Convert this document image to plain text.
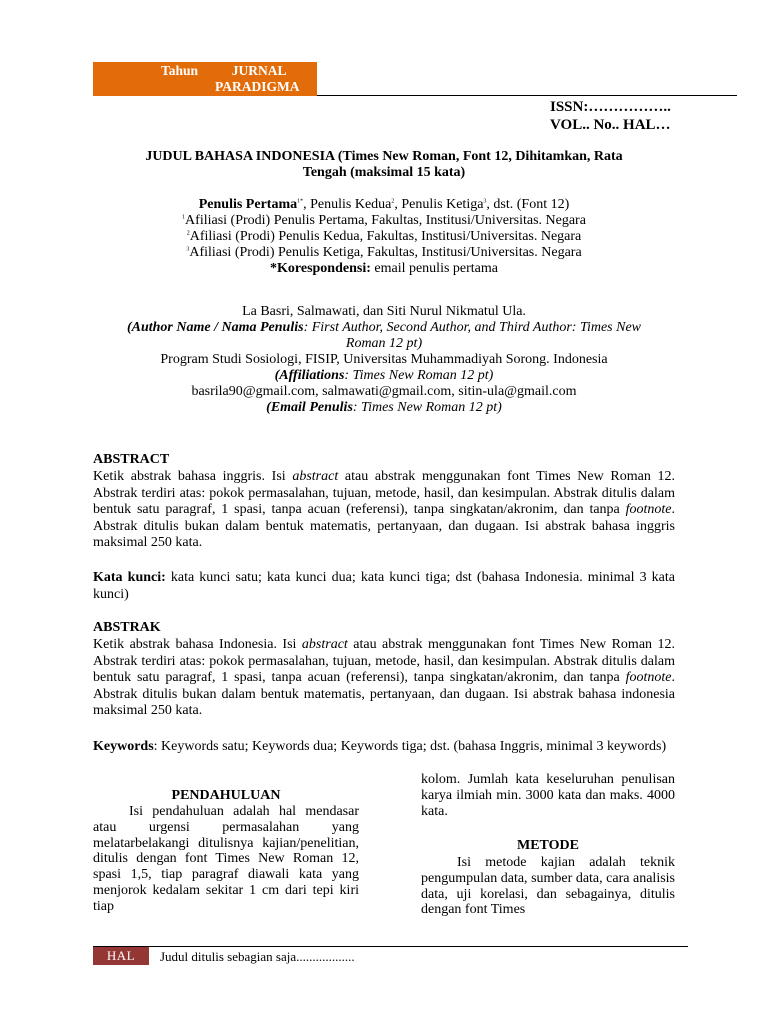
Tahun	JURNAL
PARADIGMA
ISSN:……………..
VOL.. No.. HAL…
JUDUL BAHASA INDONESIA (Times New Roman, Font 12, Dihitamkan, Rata
Tengah (maksimal 15 kata)
Penulis Pertama$^{1*}$, Penulis Kedua$^2$, Penulis Ketiga$^3$, dst. (Font 12)
$^1$Afiliasi (Prodi) Penulis Pertama, Fakultas, Institusi/Universitas. Negara
$^2$Afiliasi (Prodi) Penulis Kedua, Fakultas, Institusi/Universitas. Negara
$^3$Afiliasi (Prodi) Penulis Ketiga, Fakultas, Institusi/Universitas. Negara
*Korespondensi: email penulis pertama
La Basri, Salmawati, dan Siti Nurul Nikmatul Ula.
(Author Name / Nama Penulis: First Author, Second Author, and Third Author: Times New
Roman 12 pt)
Program Studi Sosiologi, FISIP, Universitas Muhammadiyah Sorong. Indonesia
(Affiliations: Times New Roman 12 pt)
basrila90@gmail.com, salmawati@gmail.com, sitin-ula@gmail.com
(Email Penulis: Times New Roman 12 pt)
ABSTRACT
Ketik abstrak bahasa inggris. Isi abstract atau abstrak menggunakan font Times New Roman 12. Abstrak terdiri atas: pokok permasalahan, tujuan, metode, hasil, dan kesimpulan. Abstrak ditulis dalam bentuk satu paragraf, 1 spasi, tanpa acuan (referensi), tanpa singkatan/akronim, dan tanpa footnote. Abstrak ditulis bukan dalam bentuk matematis, pertanyaan, dan dugaan. Isi abstrak bahasa inggris maksimal 250 kata.
Kata kunci: kata kunci satu; kata kunci dua; kata kunci tiga; dst (bahasa Indonesia. minimal 3 kata kunci)
ABSTRAK
Ketik abstrak bahasa Indonesia. Isi abstract atau abstrak menggunakan font Times New Roman 12. Abstrak terdiri atas: pokok permasalahan, tujuan, metode, hasil, dan kesimpulan. Abstrak ditulis dalam bentuk satu paragraf, 1 spasi, tanpa acuan (referensi), tanpa singkatan/akronim, dan tanpa footnote. Abstrak ditulis bukan dalam bentuk matematis, pertanyaan, dan dugaan. Isi abstrak bahasa indonesia maksimal 250 kata.
Keywords: Keywords satu; Keywords dua; Keywords tiga; dst. (bahasa Inggris, minimal 3 keywords)
PENDAHULUAN
Isi pendahuluan adalah hal mendasar atau urgensi permasalahan yang melatarbelakangi ditulisnya kajian/penelitian, ditulis dengan font Times New Roman 12, spasi 1,5, tiap paragraf diawali kata yang menjorok kedalam sekitar 1 cm dari tepi kiri tiap
kolom. Jumlah kata keseluruhan penulisan karya ilmiah min. 3000 kata dan maks. 4000 kata.
METODE
Isi metode kajian adalah teknik pengumpulan data, sumber data, cara analisis data, uji korelasi, dan sebagainya, ditulis dengan font Times
HAL	Judul ditulis sebagian saja..................
